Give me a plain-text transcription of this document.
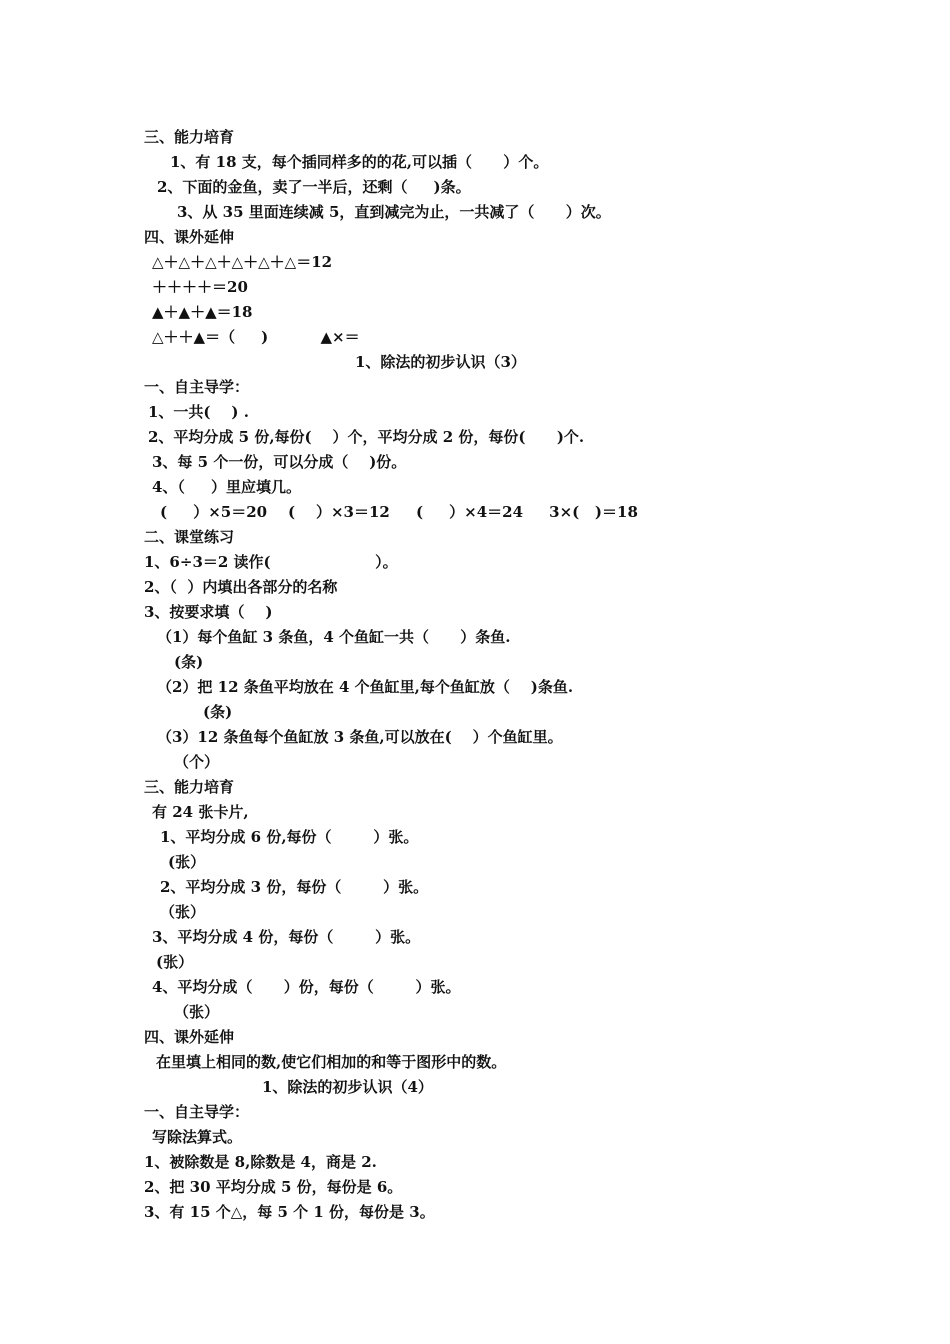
三、能力培育
1、有 18 支，每个插同样多的的花,可以插（      ）个。
2、下面的金鱼，卖了一半后，还剩（     )条。
3、从 35 里面连续减 5，直到减完为止，一共减了（      ）次。
四、课外延伸
△＋△＋△＋△＋△＋△＝12
＋＋＋＋＝20
▲＋▲＋▲＝18
△＋＋▲＝（     )          ▲×＝
1、除法的初步认识（3）
一、自主导学：
1、一共(    ) .
2、平均分成 5 份,每份(    ）个，平均分成 2 份，每份(      )个.
3、每 5 个一份，可以分成（    )份。
4、（     ）里应填几。
(     ）×5＝20    (    ）×3＝12     (     ）×4＝24     3×(   )＝18
二、课堂练习
1、6÷3＝2 读作(                    ）。
2、（  ）内填出各部分的名称
3、按要求填（    )
（1）每个鱼缸 3 条鱼，4 个鱼缸一共（      ）条鱼.
(条)
（2）把 12 条鱼平均放在 4 个鱼缸里,每个鱼缸放（    )条鱼.
(条)
（3）12 条鱼每个鱼缸放 3 条鱼,可以放在(    ）个鱼缸里。
（个）
三、能力培育
有 24 张卡片,
1、平均分成 6 份,每份（        ）张。
(张）
2、平均分成 3 份，每份（        ）张。
（张）
3、平均分成 4 份，每份（        ）张。
(张）
4、平均分成（      ）份，每份（        ）张。
（张）
四、课外延伸
在里填上相同的数,使它们相加的和等于图形中的数。
1、除法的初步认识（4）
一、自主导学：
写除法算式。
1、被除数是 8,除数是 4，商是 2.
2、把 30 平均分成 5 份，每份是 6。
3、有 15 个△，每 5 个 1 份，每份是 3。
